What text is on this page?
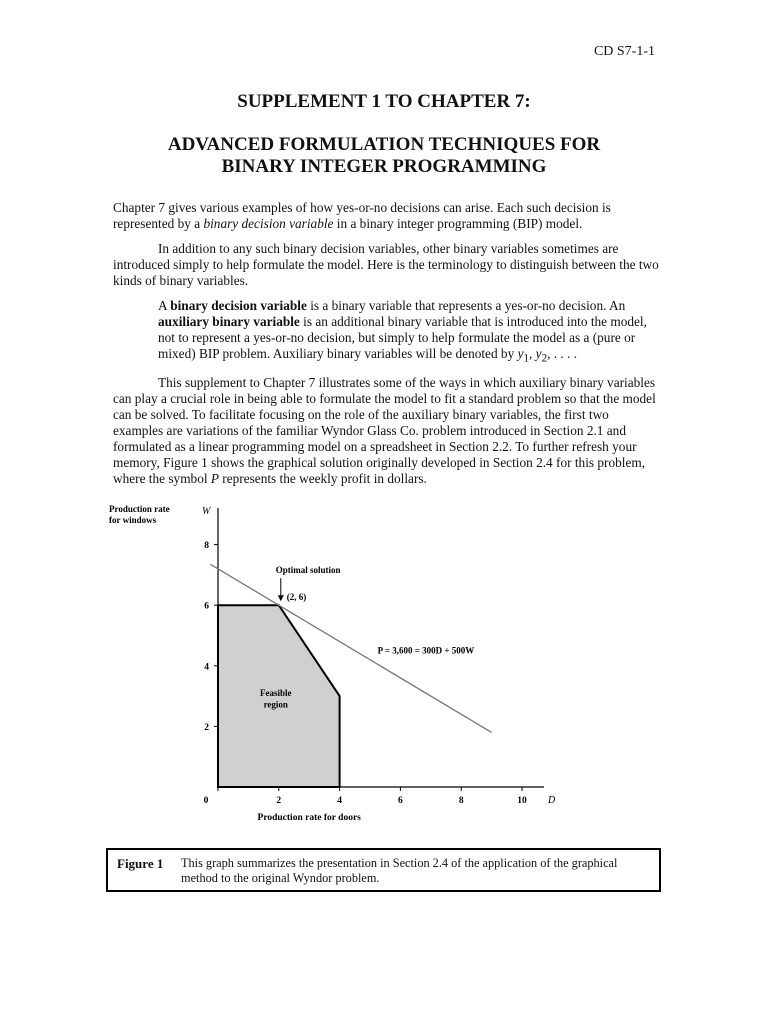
CD S7-1-1
SUPPLEMENT 1 TO CHAPTER 7:
ADVANCED FORMULATION TECHNIQUES FOR
BINARY INTEGER PROGRAMMING

Chapter 7 gives various examples of how yes-or-no decisions can arise. Each such decision is represented by a binary decision variable in a binary integer programming (BIP) model.

In addition to any such binary decision variables, other binary variables sometimes are introduced simply to help formulate the model. Here is the terminology to distinguish between the two kinds of binary variables.

A binary decision variable is a binary variable that represents a yes-or-no decision. An auxiliary binary variable is an additional binary variable that is introduced into the model, not to represent a yes-or-no decision, but simply to help formulate the model as a (pure or mixed) BIP problem. Auxiliary binary variables will be denoted by $y_1$, $y_2$, . . . .

This supplement to Chapter 7 illustrates some of the ways in which auxiliary binary variables can play a crucial role in being able to formulate the model to fit a standard problem so that the model can be solved. To facilitate focusing on the role of the auxiliary binary variables, the first two examples are variations of the familiar Wyndor Glass Co. problem introduced in Section 2.1 and formulated as a linear programming model on a spreadsheet in Section 2.2. To further refresh your memory, Figure 1 shows the graphical solution originally developed in Section 2.4 for this problem, where the symbol P represents the weekly profit in dollars.

0	2	4	6	8	10
2
4
6
8
D
W
Production rate
for windows
Production rate for doors
P = 3,600 = 300D + 500W
Optimal solution
(2, 6)
Feasible
region
Figure 1 This graph summarizes the presentation in Section 2.4 of the application of the graphical method to the original Wyndor problem.
